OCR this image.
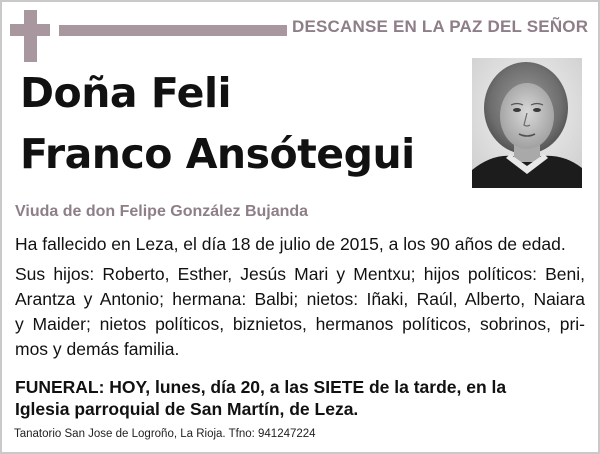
DESCANSE EN LA PAZ DEL SEÑOR
Doña Feli
Franco Ansótegui
Viuda de don Felipe González Bujanda
Ha fallecido en Leza, el día 18 de julio de 2015, a los 90 años de edad.
Sus hijos: Roberto, Esther, Jesús Mari y Mentxu; hijos políticos: Beni,
Arantza y Antonio; hermana: Balbi; nietos: Iñaki, Raúl, Alberto, Naiara
y Maider; nietos políticos, biznietos, hermanos políticos, sobrinos, pri-
mos y demás familia.
FUNERAL: HOY, lunes, día 20, a las SIETE de la tarde, en la
Iglesia parroquial de San Martín, de Leza.
Tanatorio San Jose de Logroño, La Rioja. Tfno: 941247224
